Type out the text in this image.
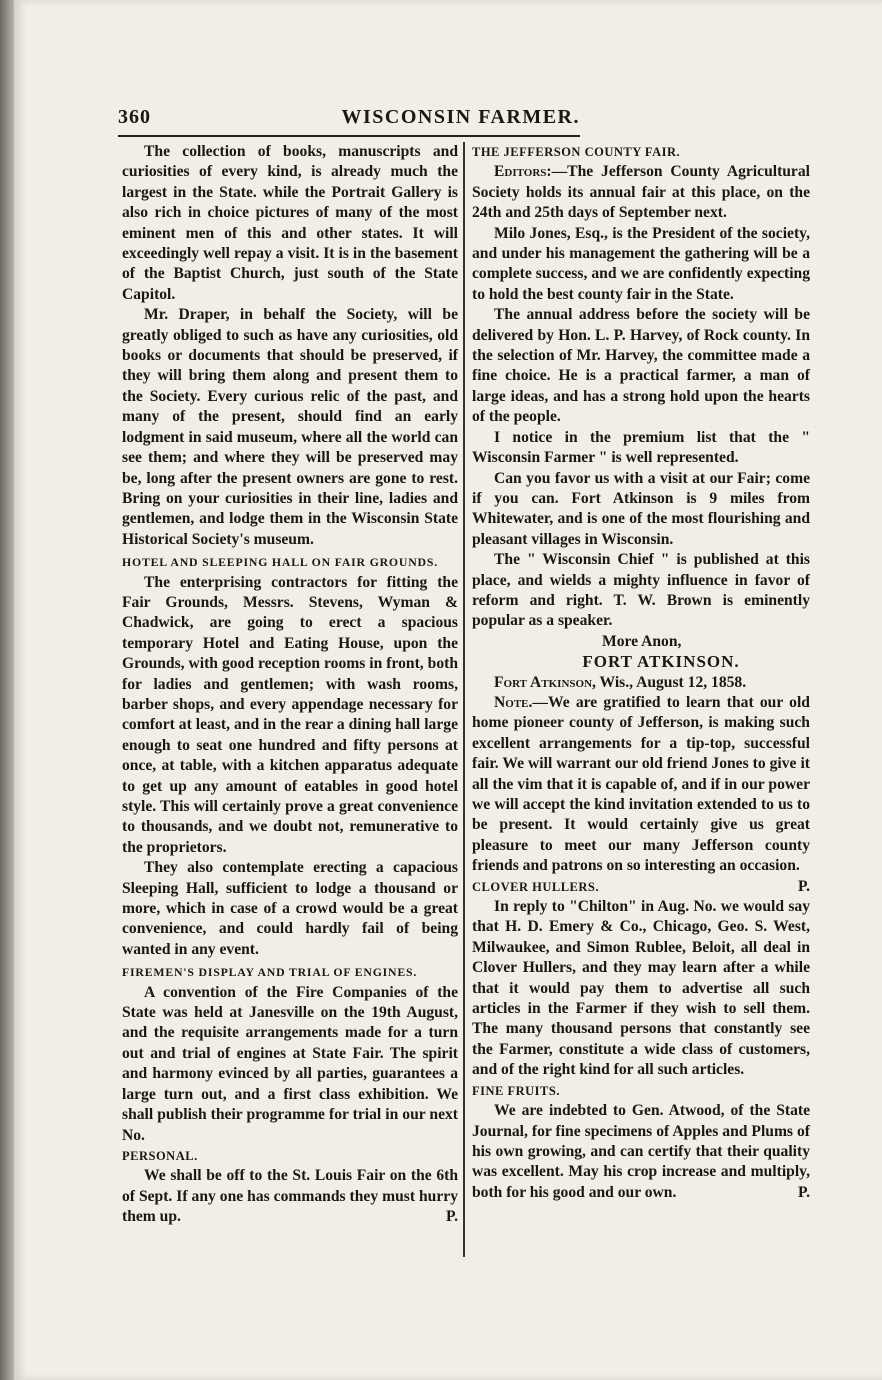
360	WISCONSIN FARMER.

The collection of books, manuscripts and curiosities of every kind, is already much the largest in the State. while the Portrait Gallery is also rich in choice pictures of many of the most eminent men of this and other states. It will exceedingly well repay a visit. It is in the basement of the Baptist Church, just south of the State Capitol.

Mr. Draper, in behalf the Society, will be greatly obliged to such as have any curiosities, old books or documents that should be preserved, if they will bring them along and present them to the Society. Every curious relic of the past, and many of the present, should find an early lodgment in said museum, where all the world can see them; and where they will be preserved may be, long after the present owners are gone to rest. Bring on your curiosities in their line, ladies and gentlemen, and lodge them in the Wisconsin State Historical Society's museum.

HOTEL AND SLEEPING HALL ON FAIR GROUNDS.

The enterprising contractors for fitting the Fair Grounds, Messrs. Stevens, Wyman & Chadwick, are going to erect a spacious temporary Hotel and Eating House, upon the Grounds, with good reception rooms in front, both for ladies and gentlemen; with wash rooms, barber shops, and every appendage necessary for comfort at least, and in the rear a dining hall large enough to seat one hundred and fifty persons at once, at table, with a kitchen apparatus adequate to get up any amount of eatables in good hotel style. This will certainly prove a great convenience to thousands, and we doubt not, remunerative to the proprietors.

They also contemplate erecting a capacious Sleeping Hall, sufficient to lodge a thousand or more, which in case of a crowd would be a great convenience, and could hardly fail of being wanted in any event.

FIREMEN'S DISPLAY AND TRIAL OF ENGINES.

A convention of the Fire Companies of the State was held at Janesville on the 19th August, and the requisite arrangements made for a turn out and trial of engines at State Fair. The spirit and harmony evinced by all parties, guarantees a large turn out, and a first class exhibition. We shall publish their programme for trial in our next No.

PERSONAL.

We shall be off to the St. Louis Fair on the 6th of Sept. If any one has commands they must hurry them up.	P.

THE JEFFERSON COUNTY FAIR.

Editors:—The Jefferson County Agricultural Society holds its annual fair at this place, on the 24th and 25th days of September next.

Milo Jones, Esq., is the President of the society, and under his management the gathering will be a complete success, and we are confidently expecting to hold the best county fair in the State.

The annual address before the society will be delivered by Hon. L. P. Harvey, of Rock county. In the selection of Mr. Harvey, the committee made a fine choice. He is a practical farmer, a man of large ideas, and has a strong hold upon the hearts of the people.

I notice in the premium list that the " Wisconsin Farmer " is well represented.

Can you favor us with a visit at our Fair; come if you can. Fort Atkinson is 9 miles from Whitewater, and is one of the most flourishing and pleasant villages in Wisconsin.

The " Wisconsin Chief " is published at this place, and wields a mighty influence in favor of reform and right. T. W. Brown is eminently popular as a speaker.

More Anon,

FORT ATKINSON.

Fort Atkinson, Wis., August 12, 1858.

Note.—We are gratified to learn that our old home pioneer county of Jefferson, is making such excellent arrangements for a tip-top, successful fair. We will warrant our old friend Jones to give it all the vim that it is capable of, and if in our power we will accept the kind invitation extended to us to be present. It would certainly give us great pleasure to meet our many Jefferson county friends and patrons on so interesting an occasion.
P.

CLOVER HULLERS.

In reply to "Chilton" in Aug. No. we would say that H. D. Emery & Co., Chicago, Geo. S. West, Milwaukee, and Simon Rublee, Beloit, all deal in Clover Hullers, and they may learn after a while that it would pay them to advertise all such articles in the Farmer if they wish to sell them. The many thousand persons that constantly see the Farmer, constitute a wide class of customers, and of the right kind for all such articles.

FINE FRUITS.

We are indebted to Gen. Atwood, of the State Journal, for fine specimens of Apples and Plums of his own growing, and can certify that their quality was excellent. May his crop increase and multiply, both for his good and our own.	P.
